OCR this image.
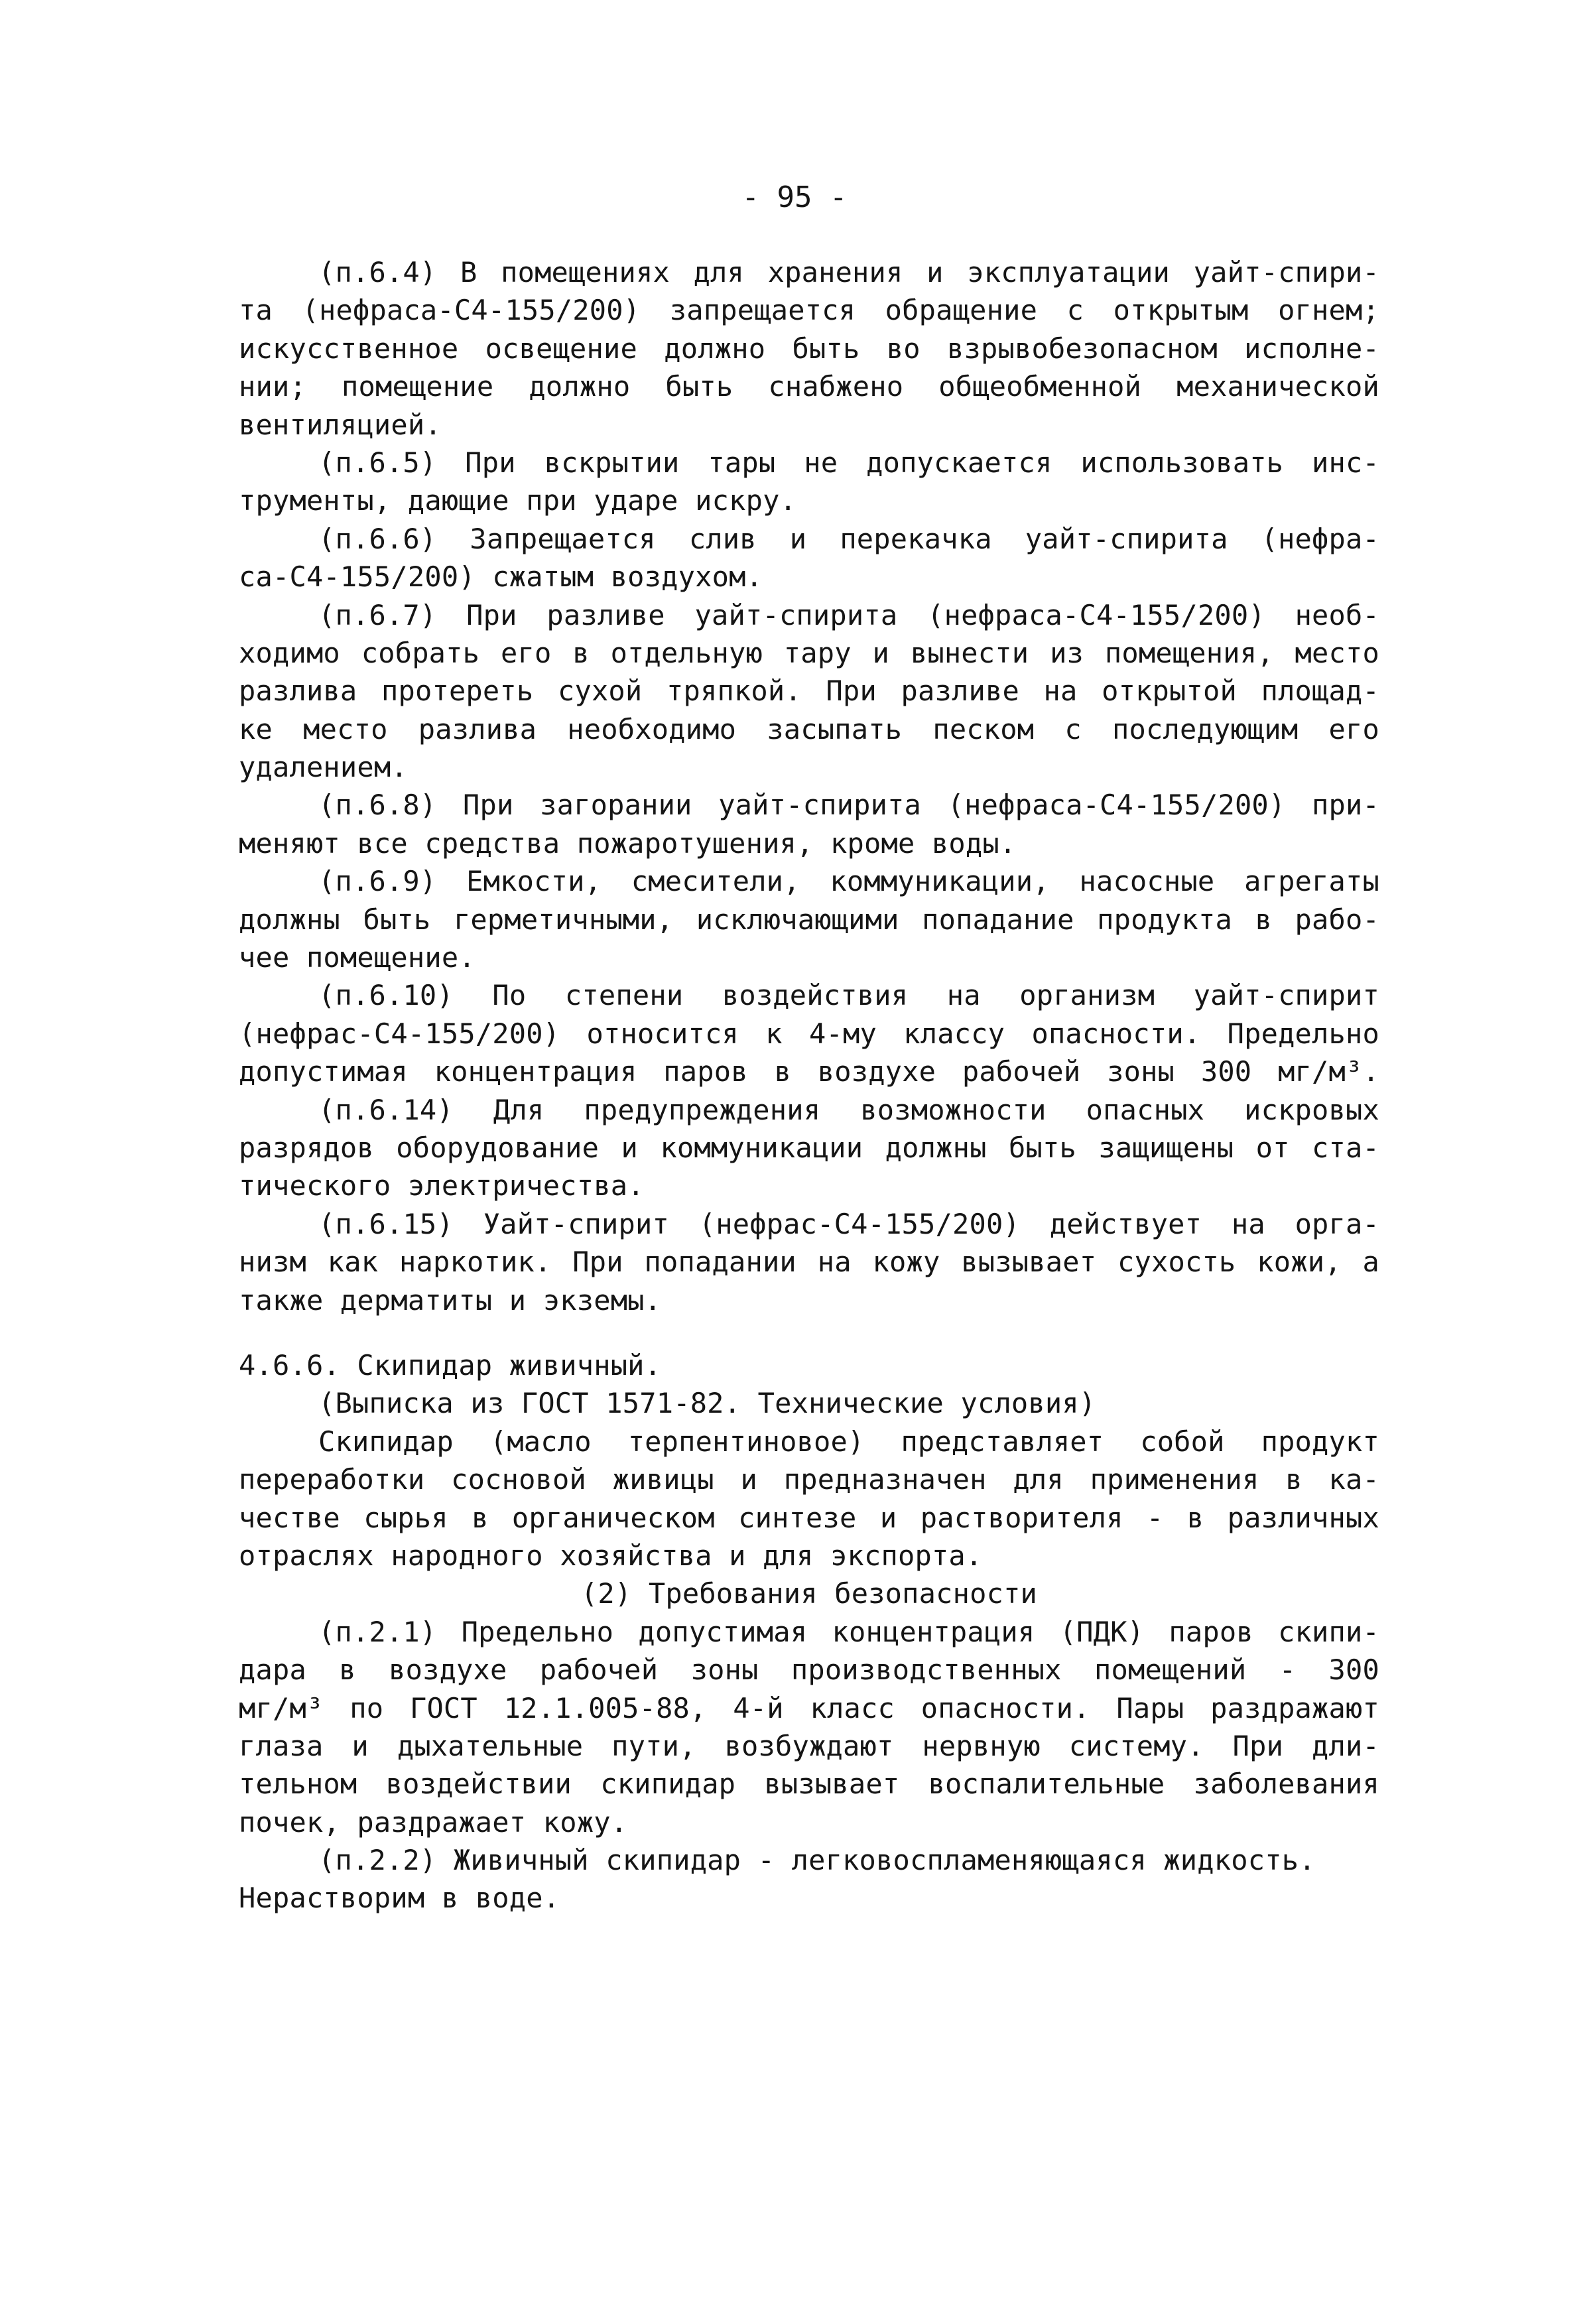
- 95 -
(п.6.4) В помещениях для хранения и эксплуатации уайт-спири-
та (нефраса-С4-155/200) запрещается обращение с открытым огнем;
искусственное освещение должно быть во взрывобезопасном исполне-
нии; помещение должно быть снабжено общеобменной механической
вентиляцией.
(п.6.5) При вскрытии тары не допускается использовать инс-
трументы, дающие при ударе искру.
(п.6.6) Запрещается слив и перекачка уайт-спирита (нефра-
са-С4-155/200) сжатым воздухом.
(п.6.7) При разливе уайт-спирита (нефраса-С4-155/200) необ-
ходимо собрать его в отдельную тару и вынести из помещения, место
разлива протереть сухой тряпкой. При разливе на открытой площад-
ке место разлива необходимо засыпать песком с последующим его
удалением.
(п.6.8) При загорании уайт-спирита (нефраса-С4-155/200) при-
меняют все средства пожаротушения, кроме воды.
(п.6.9) Емкости, смесители, коммуникации, насосные агрегаты
должны быть герметичными, исключающими попадание продукта в рабо-
чее помещение.
(п.6.10) По степени воздействия на организм уайт-спирит
(нефрас-С4-155/200) относится к 4-му классу опасности. Предельно
допустимая концентрация паров в воздухе рабочей зоны 300 мг/м³.
(п.6.14) Для предупреждения возможности опасных искровых
разрядов оборудование и коммуникации должны быть защищены от ста-
тического электричества.
(п.6.15) Уайт-спирит (нефрас-С4-155/200) действует на орга-
низм как наркотик. При попадании на кожу вызывает сухость кожи, а
также дерматиты и экземы.
4.6.6. Скипидар живичный.
(Выписка из ГОСТ 1571-82. Технические условия)
Скипидар (масло терпентиновое) представляет собой продукт
переработки сосновой живицы и предназначен для применения в ка-
честве сырья в органическом синтезе и растворителя - в различных
отраслях народного хозяйства и для экспорта.
(2) Требования безопасности
(п.2.1) Предельно допустимая концентрация (ПДК) паров скипи-
дара в воздухе рабочей зоны производственных помещений - 300
мг/м³ по ГОСТ 12.1.005-88, 4-й класс опасности. Пары раздражают
глаза и дыхательные пути, возбуждают нервную систему. При дли-
тельном воздействии скипидар вызывает воспалительные заболевания
почек, раздражает кожу.
(п.2.2) Живичный скипидар - легковоспламеняющаяся жидкость.
Нерастворим в воде.
